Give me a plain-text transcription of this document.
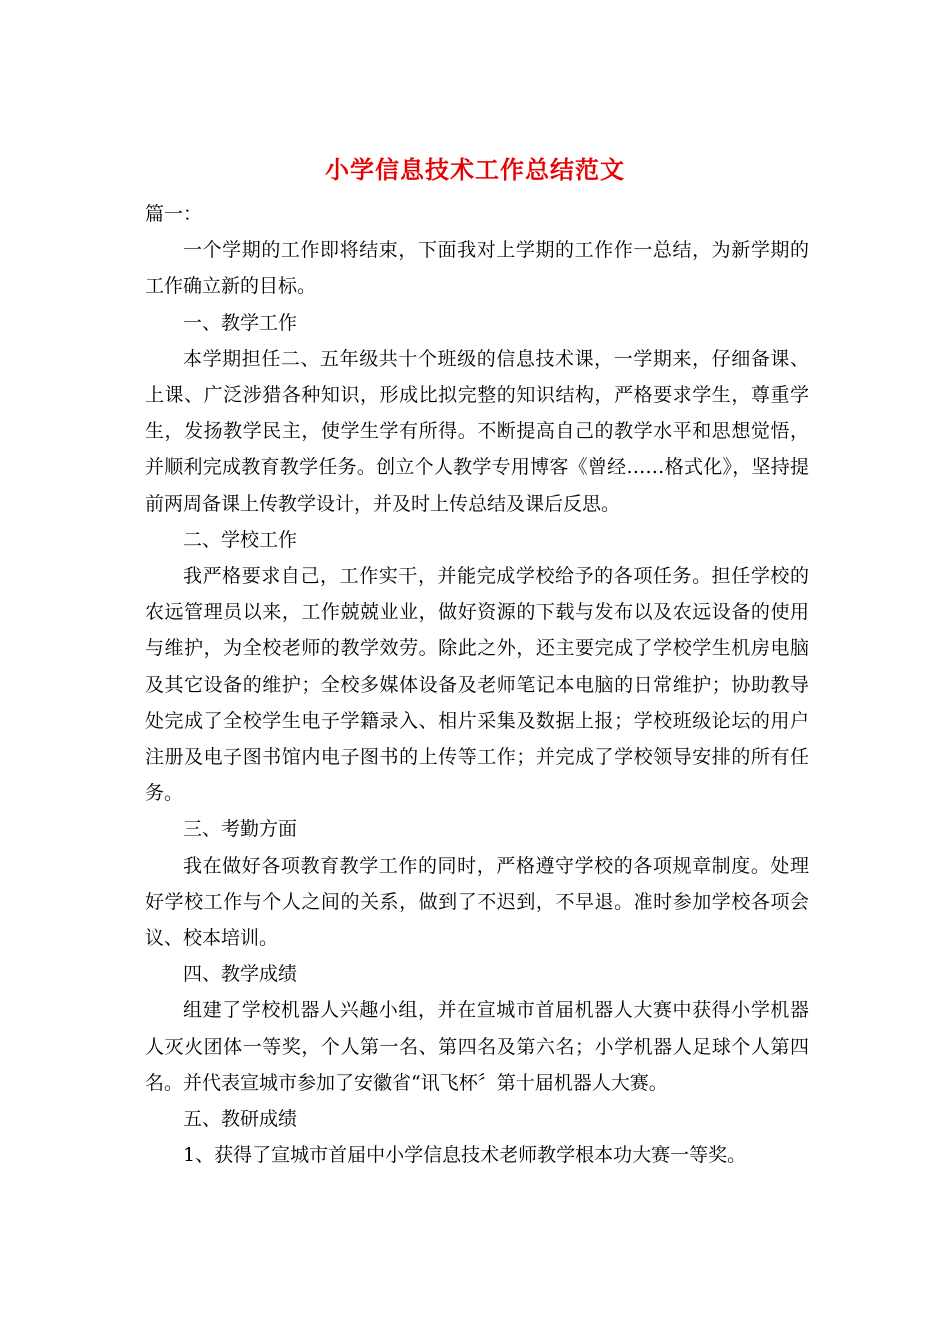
小学信息技术工作总结范文

篇一：

一个学期的工作即将结束，下面我对上学期的工作作一总结，为新学期的工作确立新的目标。

一、教学工作

本学期担任二、五年级共十个班级的信息技术课，一学期来，仔细备课、上课、广泛涉猎各种知识，形成比拟完整的知识结构，严格要求学生，尊重学生，发扬教学民主，使学生学有所得。不断提高自己的教学水平和思想觉悟，并顺利完成教育教学任务。创立个人教学专用博客《曾经……格式化》，坚持提前两周备课上传教学设计，并及时上传总结及课后反思。

二、学校工作

我严格要求自己，工作实干，并能完成学校给予的各项任务。担任学校的农远管理员以来，工作兢兢业业，做好资源的下载与发布以及农远设备的使用与维护，为全校老师的教学效劳。除此之外，还主要完成了学校学生机房电脑及其它设备的维护；全校多媒体设备及老师笔记本电脑的日常维护；协助教导处完成了全校学生电子学籍录入、相片采集及数据上报；学校班级论坛的用户注册及电子图书馆内电子图书的上传等工作；并完成了学校领导安排的所有任务。

三、考勤方面

我在做好各项教育教学工作的同时，严格遵守学校的各项规章制度。处理好学校工作与个人之间的关系，做到了不迟到，不早退。准时参加学校各项会议、校本培训。

四、教学成绩

组建了学校机器人兴趣小组，并在宣城市首届机器人大赛中获得小学机器人灭火团体一等奖，个人第一名、第四名及第六名；小学机器人足球个人第四名。并代表宣城市参加了安徽省“讯飞杯〞第十届机器人大赛。

五、教研成绩

1、获得了宣城市首届中小学信息技术老师教学根本功大赛一等奖。
